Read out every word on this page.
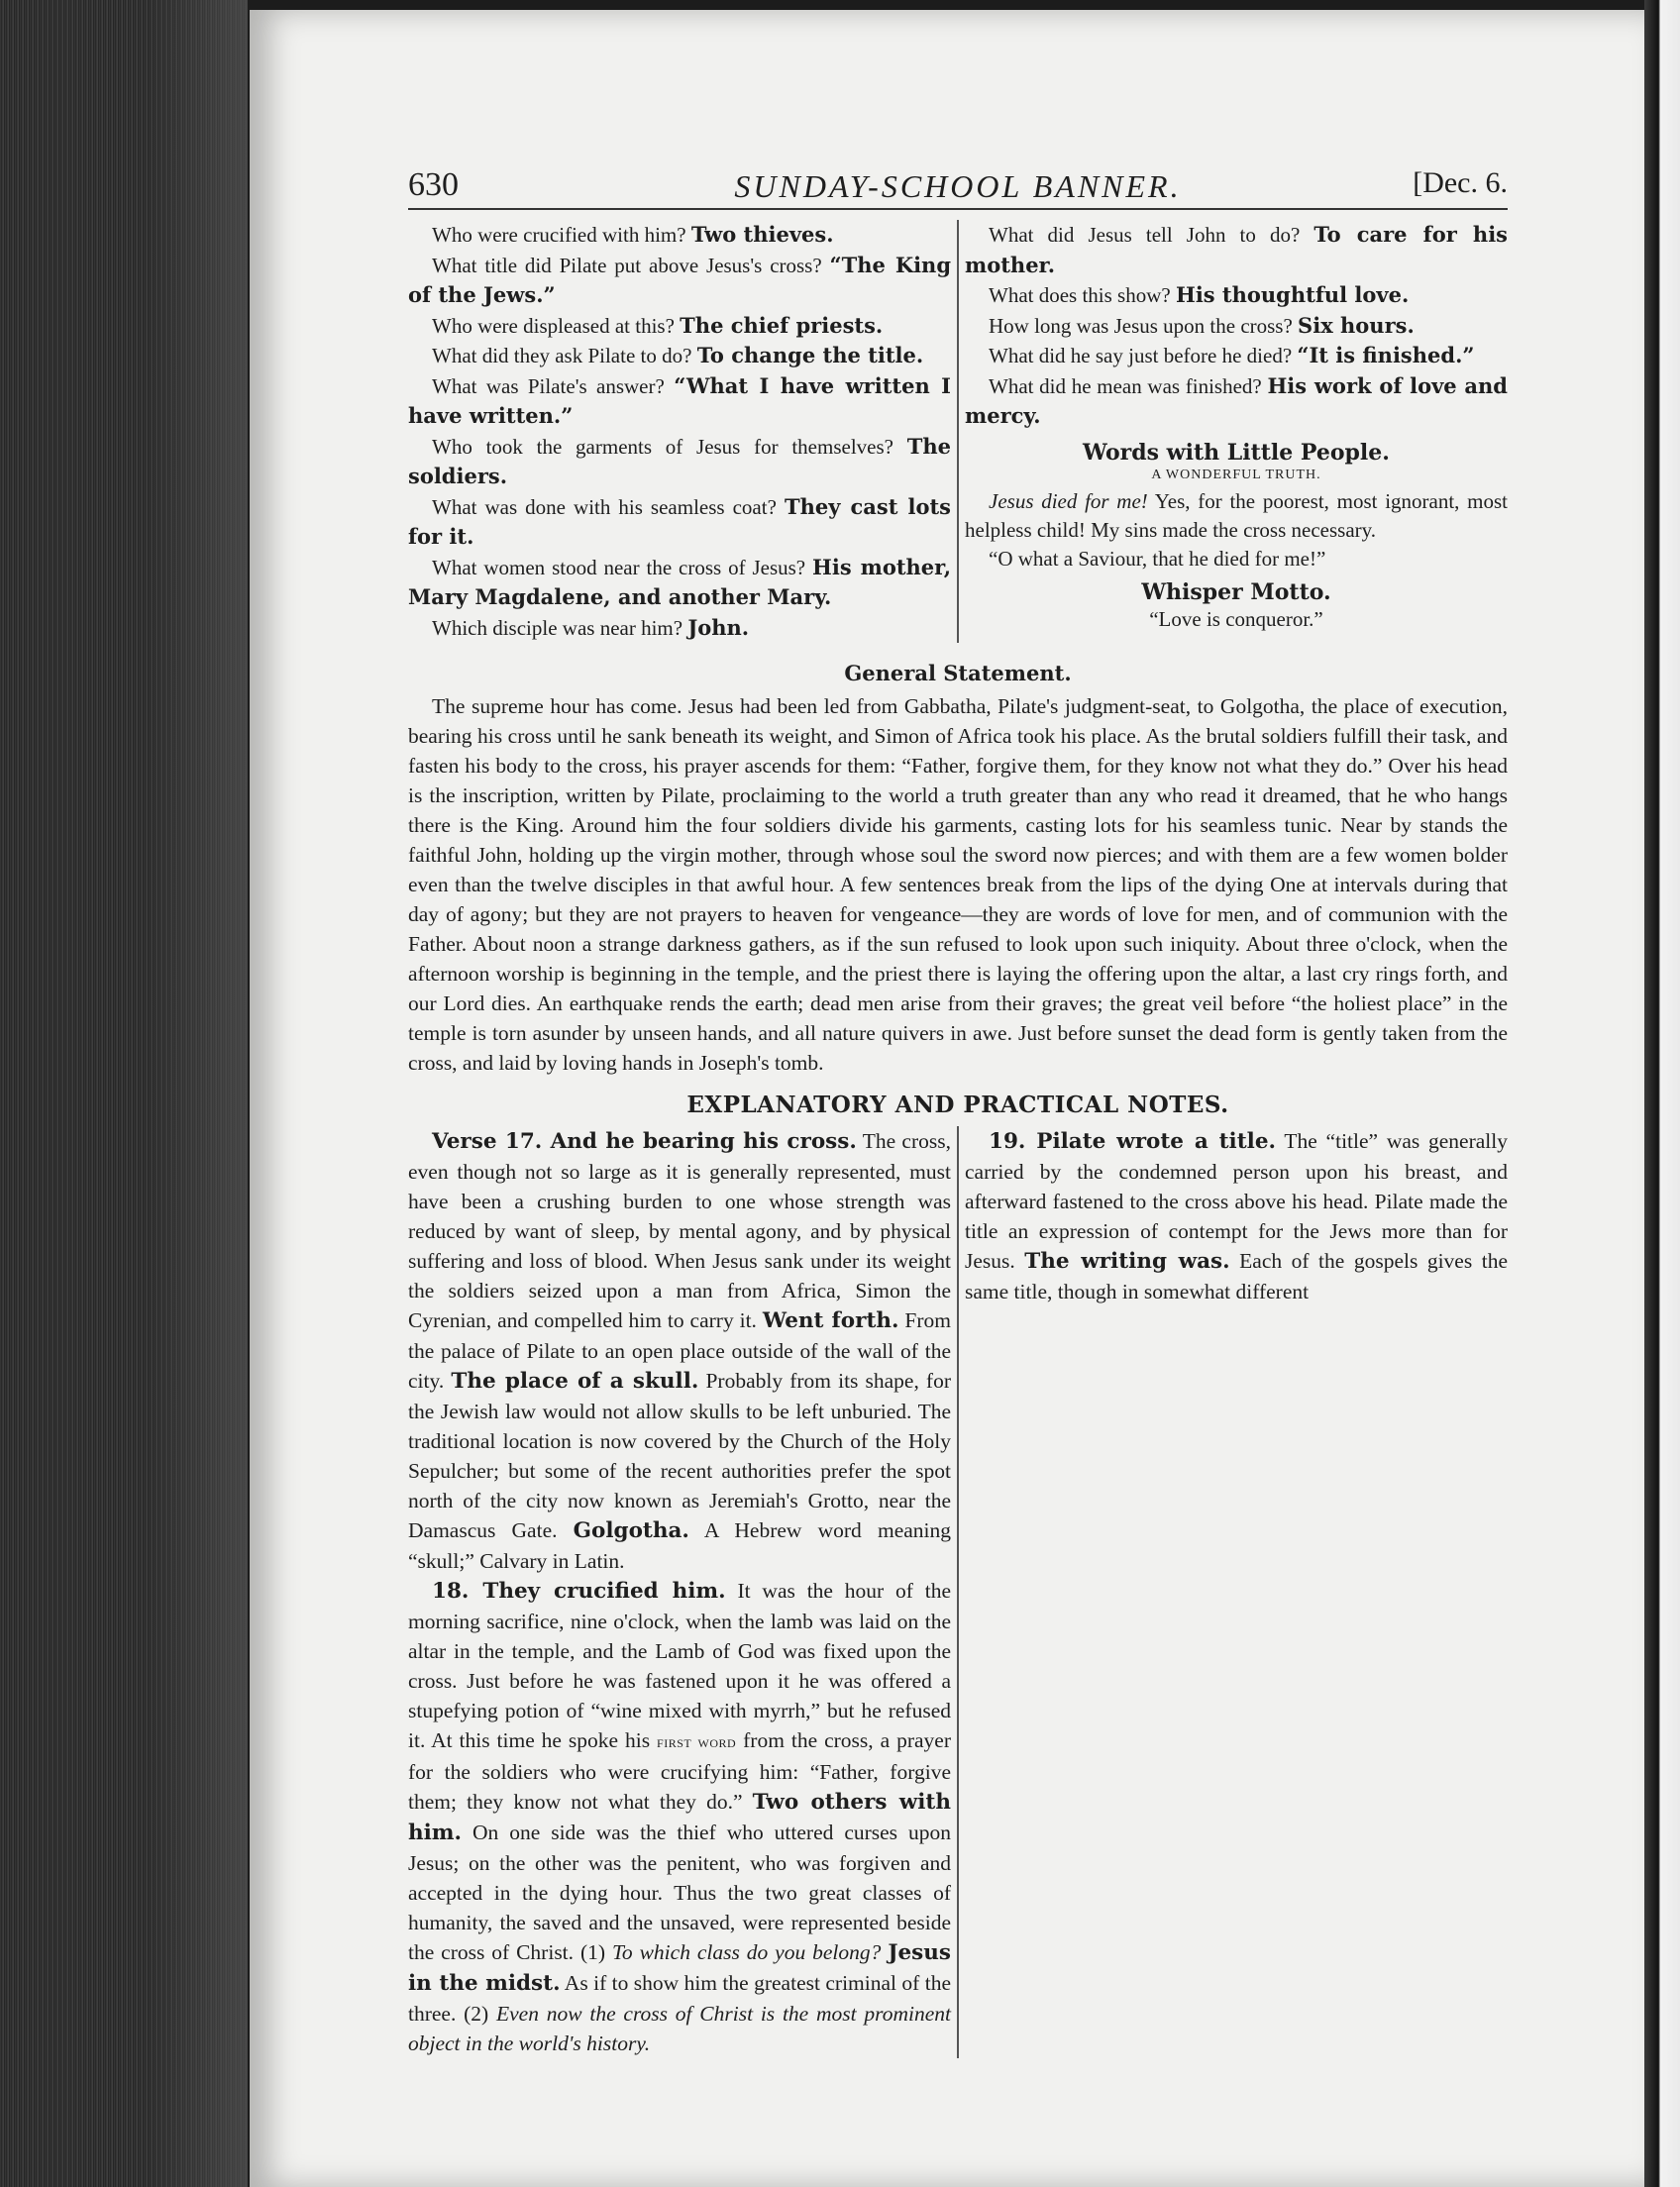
630	SUNDAY-SCHOOL BANNER.	[Dec. 6.

Who were crucified with him? Two thieves.

What title did Pilate put above Jesus's cross? “The King of the Jews.”

Who were displeased at this? The chief priests.

What did they ask Pilate to do? To change the title.

What was Pilate's answer? “What I have written I have written.”

Who took the garments of Jesus for themselves? The soldiers.

What was done with his seamless coat? They cast lots for it.

What women stood near the cross of Jesus? His mother, Mary Magdalene, and another Mary.

Which disciple was near him? John.

What did Jesus tell John to do? To care for his mother.

What does this show? His thoughtful love.

How long was Jesus upon the cross? Six hours.

What did he say just before he died? “It is finished.”

What did he mean was finished? His work of love and mercy.

Words with Little People.
A WONDERFUL TRUTH.

Jesus died for me! Yes, for the poorest, most ignorant, most helpless child! My sins made the cross necessary.

“O what a Saviour, that he died for me!”

Whisper Motto.

“Love is conqueror.”

General Statement.

The supreme hour has come. Jesus had been led from Gabbatha, Pilate's judgment-seat, to Golgotha, the place of execution, bearing his cross until he sank beneath its weight, and Simon of Africa took his place. As the brutal soldiers fulfill their task, and fasten his body to the cross, his prayer ascends for them: “Father, forgive them, for they know not what they do.” Over his head is the inscription, written by Pilate, proclaiming to the world a truth greater than any who read it dreamed, that he who hangs there is the King. Around him the four soldiers divide his garments, casting lots for his seamless tunic. Near by stands the faithful John, holding up the virgin mother, through whose soul the sword now pierces; and with them are a few women bolder even than the twelve disciples in that awful hour. A few sentences break from the lips of the dying One at intervals during that day of agony; but they are not prayers to heaven for vengeance—they are words of love for men, and of communion with the Father. About noon a strange darkness gathers, as if the sun refused to look upon such iniquity. About three o'clock, when the afternoon worship is beginning in the temple, and the priest there is laying the offering upon the altar, a last cry rings forth, and our Lord dies. An earthquake rends the earth; dead men arise from their graves; the great veil before “the holiest place” in the temple is torn asunder by unseen hands, and all nature quivers in awe. Just before sunset the dead form is gently taken from the cross, and laid by loving hands in Joseph's tomb.

EXPLANATORY AND PRACTICAL NOTES.

Verse 17. And he bearing his cross. The cross, even though not so large as it is generally represented, must have been a crushing burden to one whose strength was reduced by want of sleep, by mental agony, and by physical suffering and loss of blood. When Jesus sank under its weight the soldiers seized upon a man from Africa, Simon the Cyrenian, and compelled him to carry it. Went forth. From the palace of Pilate to an open place outside of the wall of the city. The place of a skull. Probably from its shape, for the Jewish law would not allow skulls to be left unburied. The traditional location is now covered by the Church of the Holy Sepulcher; but some of the recent authorities prefer the spot north of the city now known as Jeremiah's Grotto, near the Damascus Gate. Golgotha. A Hebrew word meaning “skull;” Calvary in Latin.

18. They crucified him. It was the hour of the morning sacrifice, nine o'clock, when the lamb was laid on the altar in the temple, and the Lamb of God was fixed upon the cross. Just before he was fastened upon it he was offered a stupefying potion of “wine mixed with myrrh,” but he refused it. At this time he spoke his first word from the cross, a prayer for the soldiers who were crucifying him: “Father, forgive them; they know not what they do.” Two others with him. On one side was the thief who uttered curses upon Jesus; on the other was the penitent, who was forgiven and accepted in the dying hour. Thus the two great classes of humanity, the saved and the unsaved, were represented beside the cross of Christ. (1) To which class do you belong? Jesus in the midst. As if to show him the greatest criminal of the three. (2) Even now the cross of Christ is the most prominent object in the world's history.

19. Pilate wrote a title. The “title” was generally carried by the condemned person upon his breast, and afterward fastened to the cross above his head. Pilate made the title an expression of contempt for the Jews more than for Jesus. The writing was. Each of the gospels gives the same title, though in somewhat different
